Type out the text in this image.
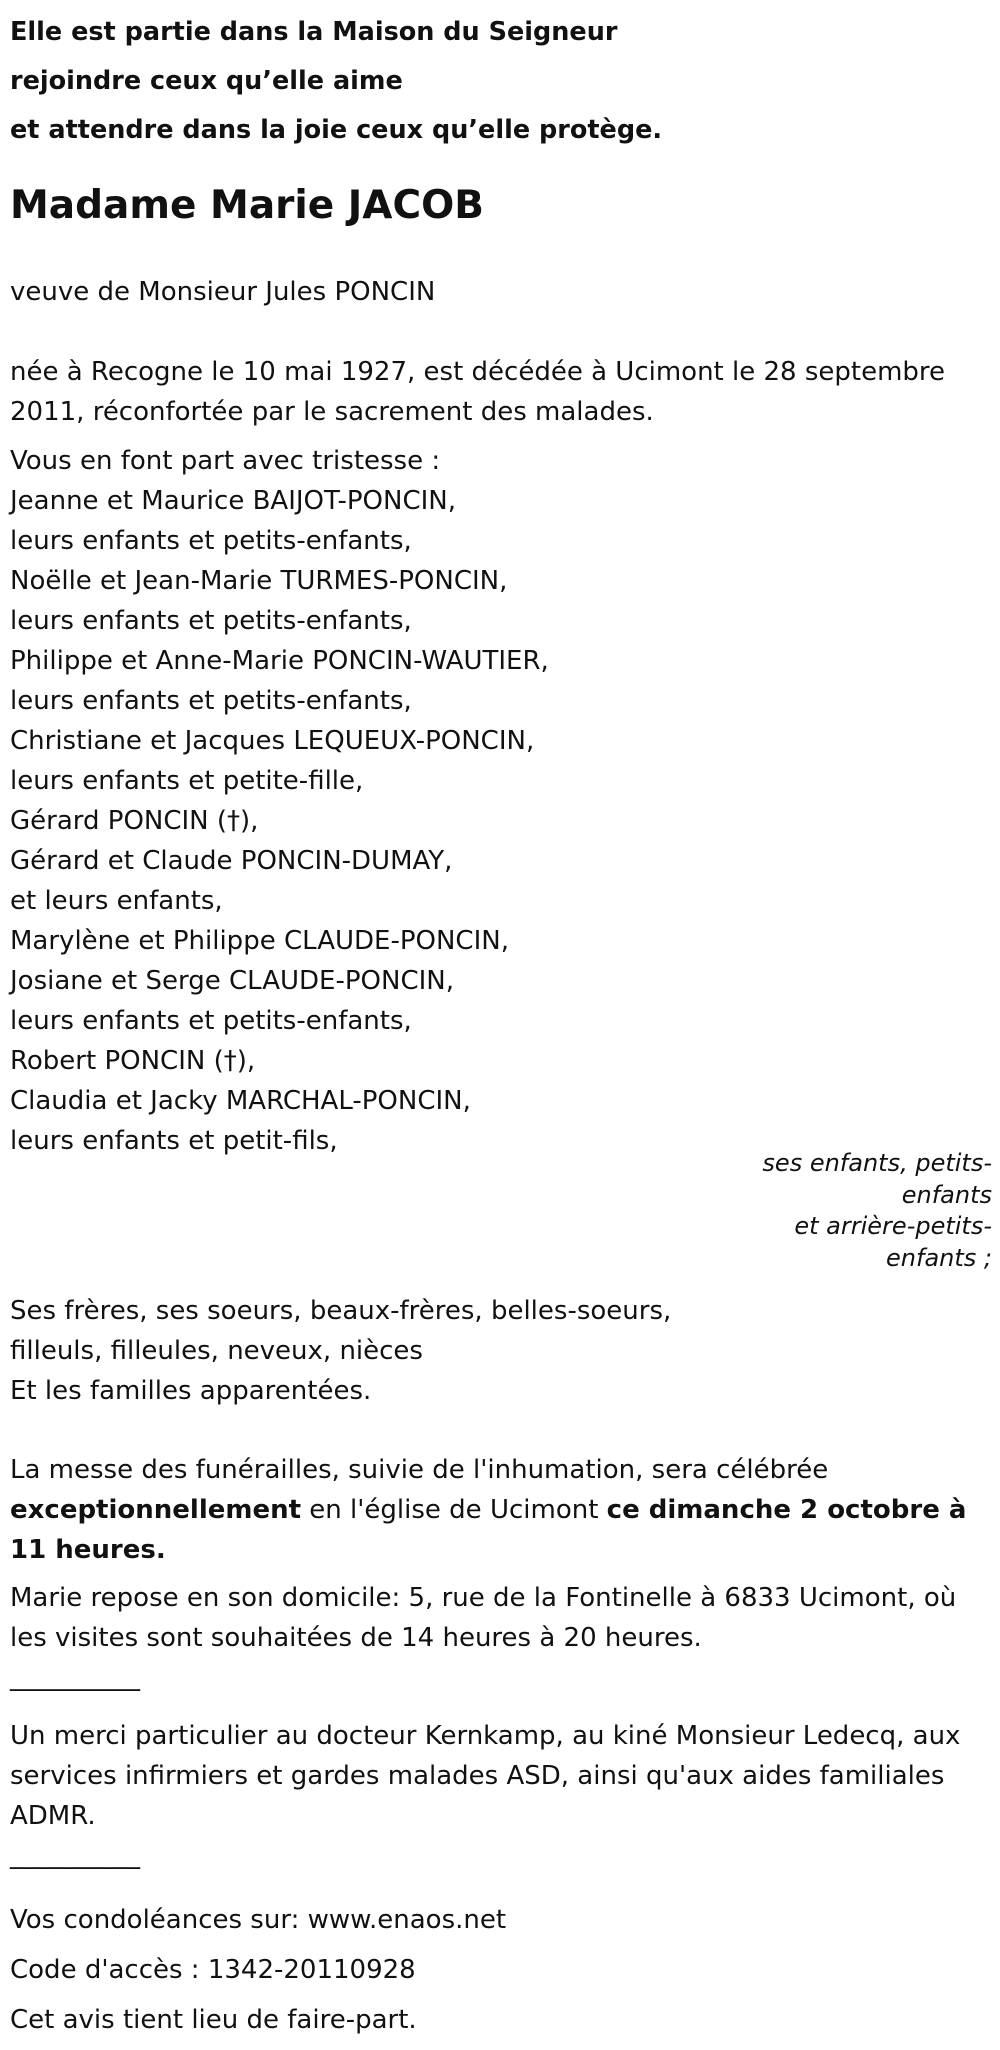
Elle est partie dans la Maison du Seigneur
rejoindre ceux qu’elle aime
et attendre dans la joie ceux qu’elle protège.
Madame Marie JACOB
veuve de Monsieur Jules PONCIN
née à Recogne le 10 mai 1927, est décédée à Ucimont le 28 septembre 2011, réconfortée par le sacrement des malades.
Vous en font part avec tristesse :
Jeanne et Maurice BAIJOT-PONCIN,
leurs enfants et petits-enfants,
Noëlle et Jean-Marie TURMES-PONCIN,
leurs enfants et petits-enfants,
Philippe et Anne-Marie PONCIN-WAUTIER,
leurs enfants et petits-enfants,
Christiane et Jacques LEQUEUX-PONCIN,
leurs enfants et petite-fille,
Gérard PONCIN (†),
Gérard et Claude PONCIN-DUMAY,
et leurs enfants,
Marylène et Philippe CLAUDE-PONCIN,
Josiane et Serge CLAUDE-PONCIN,
leurs enfants et petits-enfants,
Robert PONCIN (†),
Claudia et Jacky MARCHAL-PONCIN,
leurs enfants et petit-fils,
ses enfants, petits-
enfants
et arrière-petits-
enfants ;
Ses frères, ses soeurs, beaux-frères, belles-soeurs,
filleuls, filleules, neveux, nièces
Et les familles apparentées.
La messe des funérailles, suivie de l'inhumation, sera célébrée exceptionnellement en l'église de Ucimont ce dimanche 2 octobre à 11 heures.
Marie repose en son domicile: 5, rue de la Fontinelle à 6833 Ucimont, où les visites sont souhaitées de 14 heures à 20 heures.
__________
Un merci particulier au docteur Kernkamp, au kiné Monsieur Ledecq, aux services infirmiers et gardes malades ASD, ainsi qu'aux aides familiales ADMR.
__________
Vos condoléances sur: www.enaos.net
Code d'accès : 1342-20110928
Cet avis tient lieu de faire-part.
